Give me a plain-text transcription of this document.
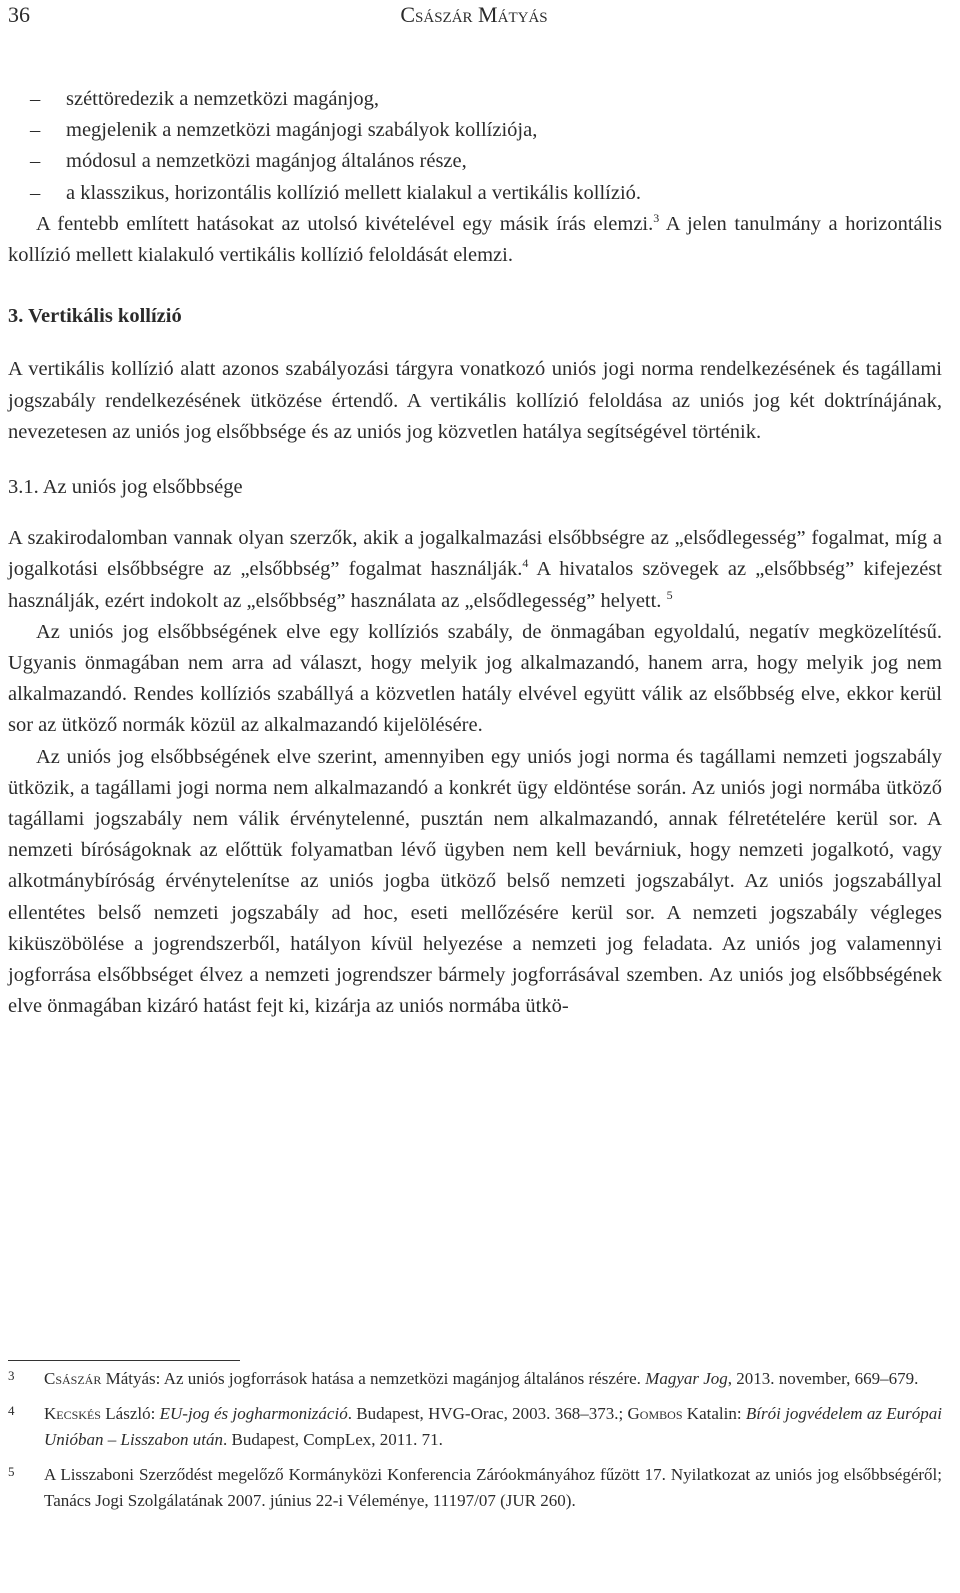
36	Császár Mátyás
– széttöredezik a nemzetközi magánjog,
– megjelenik a nemzetközi magánjogi szabályok kollíziója,
– módosul a nemzetközi magánjog általános része,
– a klasszikus, horizontális kollízió mellett kialakul a vertikális kollízió.

A fentebb említett hatásokat az utolsó kivételével egy másik írás elemzi.$^3$ A jelen tanulmány a horizontális kollízió mellett kialakuló vertikális kollízió feloldását elemzi.

3. Vertikális kollízió

A vertikális kollízió alatt azonos szabályozási tárgyra vonatkozó uniós jogi norma rendelkezésének és tagállami jogszabály rendelkezésének ütközése értendő. A vertikális kollízió feloldása az uniós jog két doktrínájának, nevezetesen az uniós jog elsőbbsége és az uniós jog közvetlen hatálya segítségével történik.

3.1. Az uniós jog elsőbbsége

A szakirodalomban vannak olyan szerzők, akik a jogalkalmazási elsőbbségre az „elsődlegesség” fogalmat, míg a jogalkotási elsőbbségre az „elsőbbség” fogalmat használják.$^4$ A hivatalos szövegek az „elsőbbség” kifejezést használják, ezért indokolt az „elsőbbség” használata az „elsődlegesség” helyett. $^5$

Az uniós jog elsőbbségének elve egy kollíziós szabály, de önmagában egyoldalú, negatív megközelítésű. Ugyanis önmagában nem arra ad választ, hogy melyik jog alkalmazandó, hanem arra, hogy melyik jog nem alkalmazandó. Rendes kollíziós szabállyá a közvetlen hatály elvével együtt válik az elsőbbség elve, ekkor kerül sor az ütköző normák közül az alkalmazandó kijelölésére.

Az uniós jog elsőbbségének elve szerint, amennyiben egy uniós jogi norma és tagállami nemzeti jogszabály ütközik, a tagállami jogi norma nem alkalmazandó a konkrét ügy eldöntése során. Az uniós jogi normába ütköző tagállami jogszabály nem válik érvénytelenné, pusztán nem alkalmazandó, annak félretételére kerül sor. A nemzeti bíróságoknak az előttük folyamatban lévő ügyben nem kell bevárniuk, hogy nemzeti jogalkotó, vagy alkotmánybíróság érvénytelenítse az uniós jogba ütköző belső nemzeti jogszabályt. Az uniós jogszabállyal ellentétes belső nemzeti jogszabály ad hoc, eseti mellőzésére kerül sor. A nemzeti jogszabály végleges kiküszöbölése a jogrendszerből, hatályon kívül helyezése a nemzeti jog feladata. Az uniós jog valamennyi jogforrása elsőbbséget élvez a nemzeti jogrendszer bármely jogforrásával szemben. Az uniós jog elsőbbségének elve önmagában kizáró hatást fejt ki, kizárja az uniós normába ütkö-

3	Császár Mátyás: Az uniós jogforrások hatása a nemzetközi magánjog általános részére. Magyar Jog, 2013. november, 669–679.
4	Kecskés László: EU-jog és jogharmonizáció. Budapest, HVG-Orac, 2003. 368–373.; Gombos Katalin: Bírói jogvédelem az Európai Unióban – Lisszabon után. Budapest, CompLex, 2011. 71.
5	A Lisszaboni Szerződést megelőző Kormányközi Konferencia Záróokmányához fűzött 17. Nyilatkozat az uniós jog elsőbbségéről; Tanács Jogi Szolgálatának 2007. június 22-i Véleménye, 11197/07 (JUR 260).
